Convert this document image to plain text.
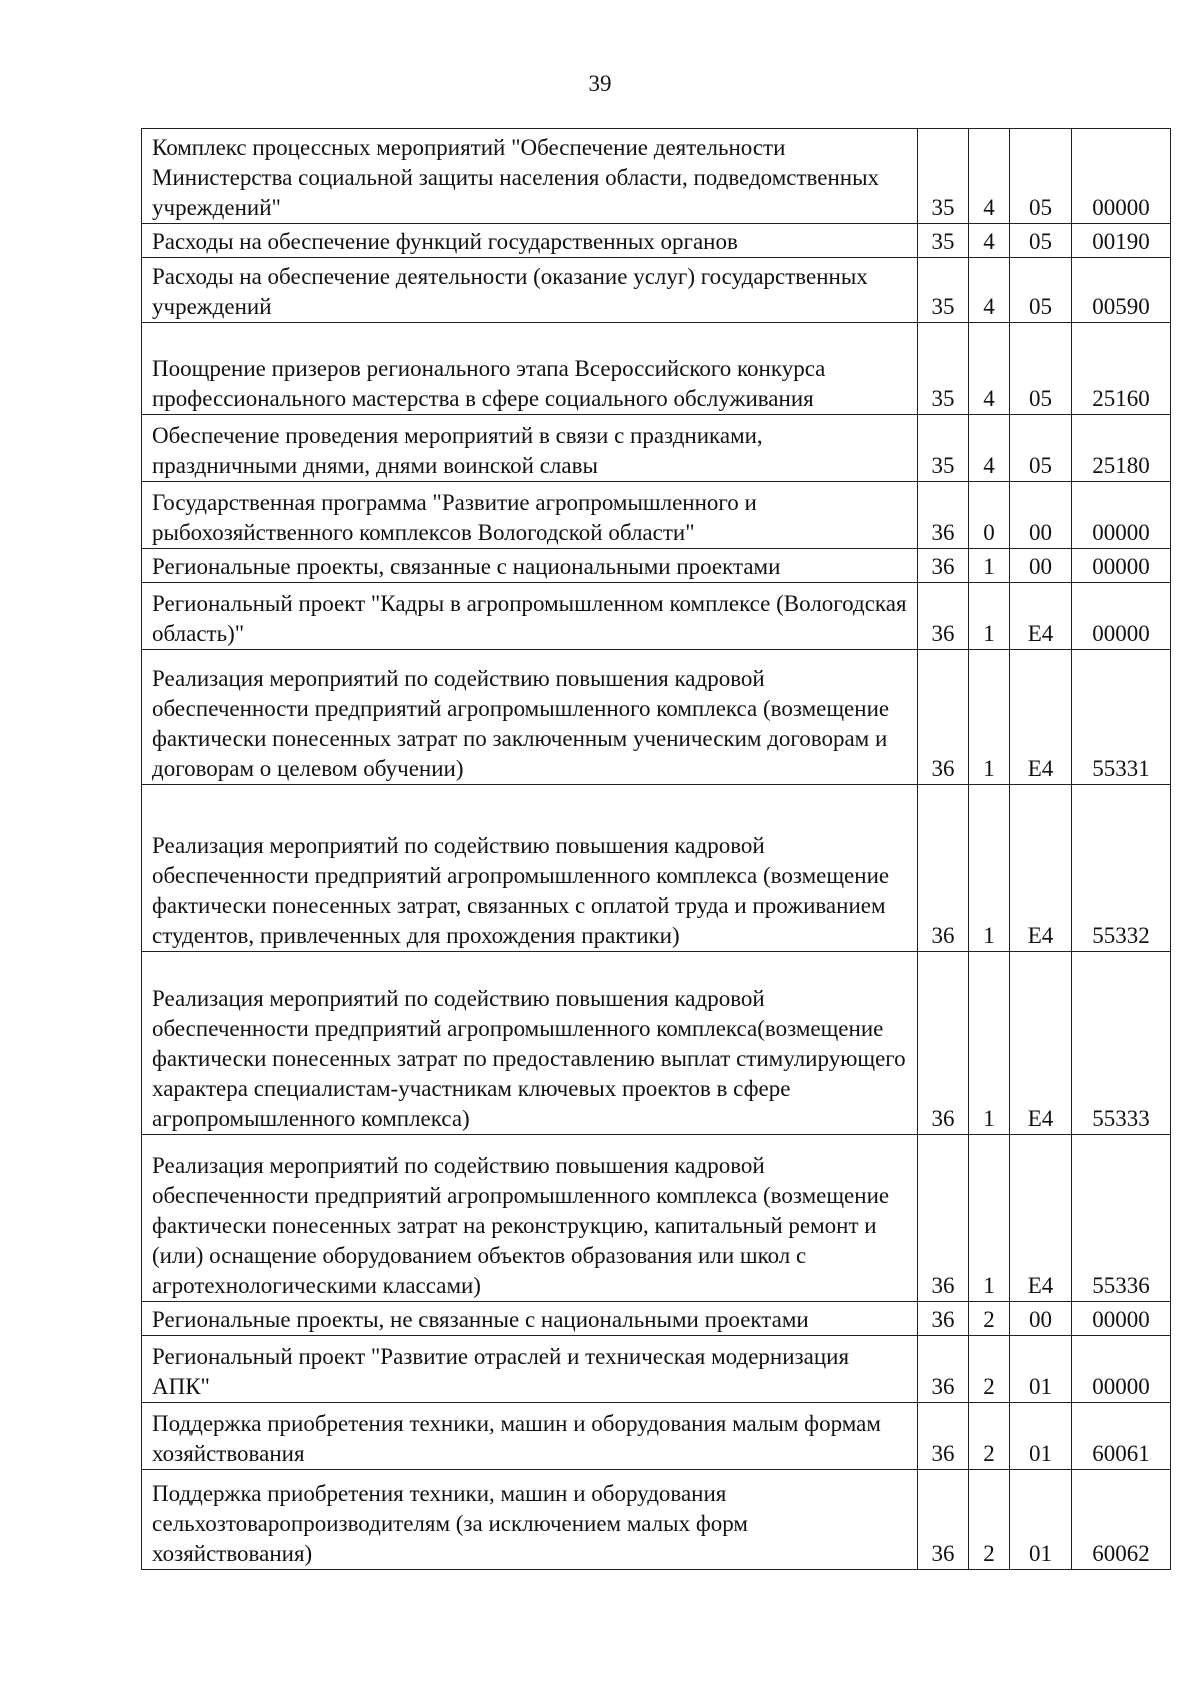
39
Комплекс процессных мероприятий "Обеспечение деятельности Министерства социальной защиты населения области, подведомственных учреждений"	35	4	05	00000
Расходы на обеспечение функций государственных органов	35	4	05	00190
Расходы на обеспечение деятельности (оказание услуг) государственных учреждений	35	4	05	00590
Поощрение призеров регионального этапа Всероссийского конкурса профессионального мастерства в сфере социального обслуживания	35	4	05	25160
Обеспечение проведения мероприятий в связи с праздниками, праздничными днями, днями воинской славы	35	4	05	25180
Государственная программа "Развитие агропромышленного и рыбохозяйственного комплексов Вологодской области"	36	0	00	00000
Региональные проекты, связанные с национальными проектами	36	1	00	00000
Региональный проект "Кадры в агропромышленном комплексе (Вологодская область)"	36	1	Е4	00000
Реализация мероприятий по содействию повышения кадровой обеспеченности предприятий агропромышленного комплекса (возмещение фактически понесенных затрат по заключенным ученическим договорам и договорам о целевом обучении)	36	1	Е4	55331
Реализация мероприятий по содействию повышения кадровой обеспеченности предприятий агропромышленного комплекса (возмещение фактически понесенных затрат, связанных с оплатой труда и проживанием студентов, привлеченных для прохождения практики)	36	1	Е4	55332
Реализация мероприятий по содействию повышения кадровой обеспеченности предприятий агропромышленного комплекса(возмещение фактически понесенных затрат по предоставлению выплат стимулирующего характера специалистам-участникам ключевых проектов в сфере агропромышленного комплекса)	36	1	Е4	55333
Реализация мероприятий по содействию повышения кадровой обеспеченности предприятий агропромышленного комплекса (возмещение фактически понесенных затрат на реконструкцию, капитальный ремонт и (или) оснащение оборудованием объектов образования или школ с агротехнологическими классами)	36	1	Е4	55336
Региональные проекты, не связанные с национальными проектами	36	2	00	00000
Региональный проект "Развитие отраслей и техническая модернизация АПК"	36	2	01	00000
Поддержка приобретения техники, машин и оборудования малым формам хозяйствования	36	2	01	60061
Поддержка приобретения техники, машин и оборудования сельхозтоваропроизводителям (за исключением малых форм хозяйствования)	36	2	01	60062
